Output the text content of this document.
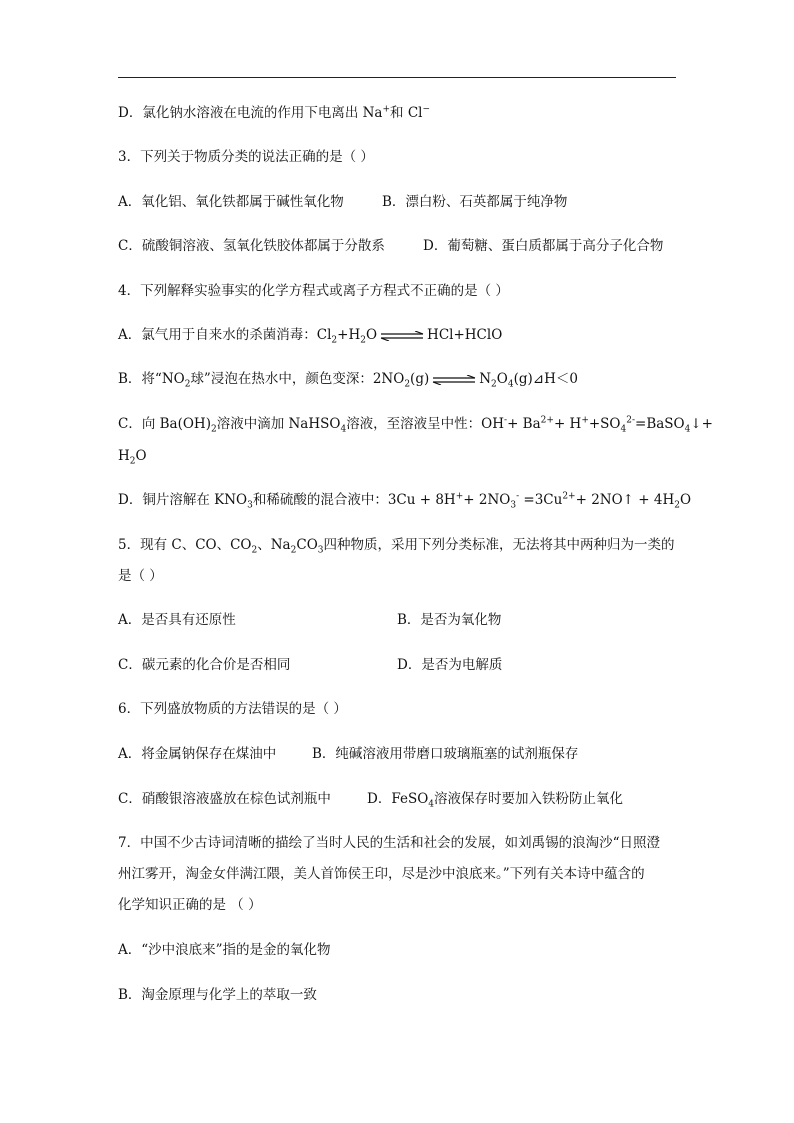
D．氯化钠水溶液在电流的作用下电离出 Na+和 Cl−
3．下列关于物质分类的说法正确的是（ ）
A．氧化铝、氧化铁都属于碱性氧化物	B．漂白粉、石英都属于纯净物
C．硫酸铜溶液、氢氧化铁胶体都属于分散系	D．葡萄糖、蛋白质都属于高分子化合物
4．下列解释实验事实的化学方程式或离子方程式不正确的是（ ）
A．氯气用于自来水的杀菌消毒：$Cl_2+H_2O$ ⇌ HCl+HClO
B．将“$NO_2$球”浸泡在热水中，颜色变深：$2NO_2(g)$ ⇌ $N_2O_4(g)⊿H<0$
C．向 $Ba(OH)_2$溶液中滴加 NaHSO$_4$溶液，至溶液呈中性：$OH^-+ Ba^{2+}+$ $H^++SO_4^{2-}=BaSO_4↓+$
$H_2O$
D．铜片溶解在 $KNO_3$和稀硫酸的混合液中：$3Cu + 8H^++ 2NO_3^- =3Cu^{2+}+$ 2NO↑ + $4H_2O$
5．现有 C、CO、$CO_2$、$Na_2CO_3$四种物质，采用下列分类标准，无法将其中两种归为一类的
是（ ）
A．是否具有还原性	B．是否为氧化物
C．碳元素的化合价是否相同	D．是否为电解质
6．下列盛放物质的方法错误的是（ ）
A．将金属钠保存在煤油中	B．纯碱溶液用带磨口玻璃瓶塞的试剂瓶保存
C．硝酸银溶液盛放在棕色试剂瓶中	D．FeSO$_4$溶液保存时要加入铁粉防止氧化
7．中国不少古诗词清晰的描绘了当时人民的生活和社会的发展，如刘禹锡的浪淘沙“日照澄
州江雾开，淘金女伴满江隈，美人首饰侯王印，尽是沙中浪底来。”下列有关本诗中蕴含的
化学知识正确的是 （ ）
A．“沙中浪底来”指的是金的氧化物
B．淘金原理与化学上的萃取一致
